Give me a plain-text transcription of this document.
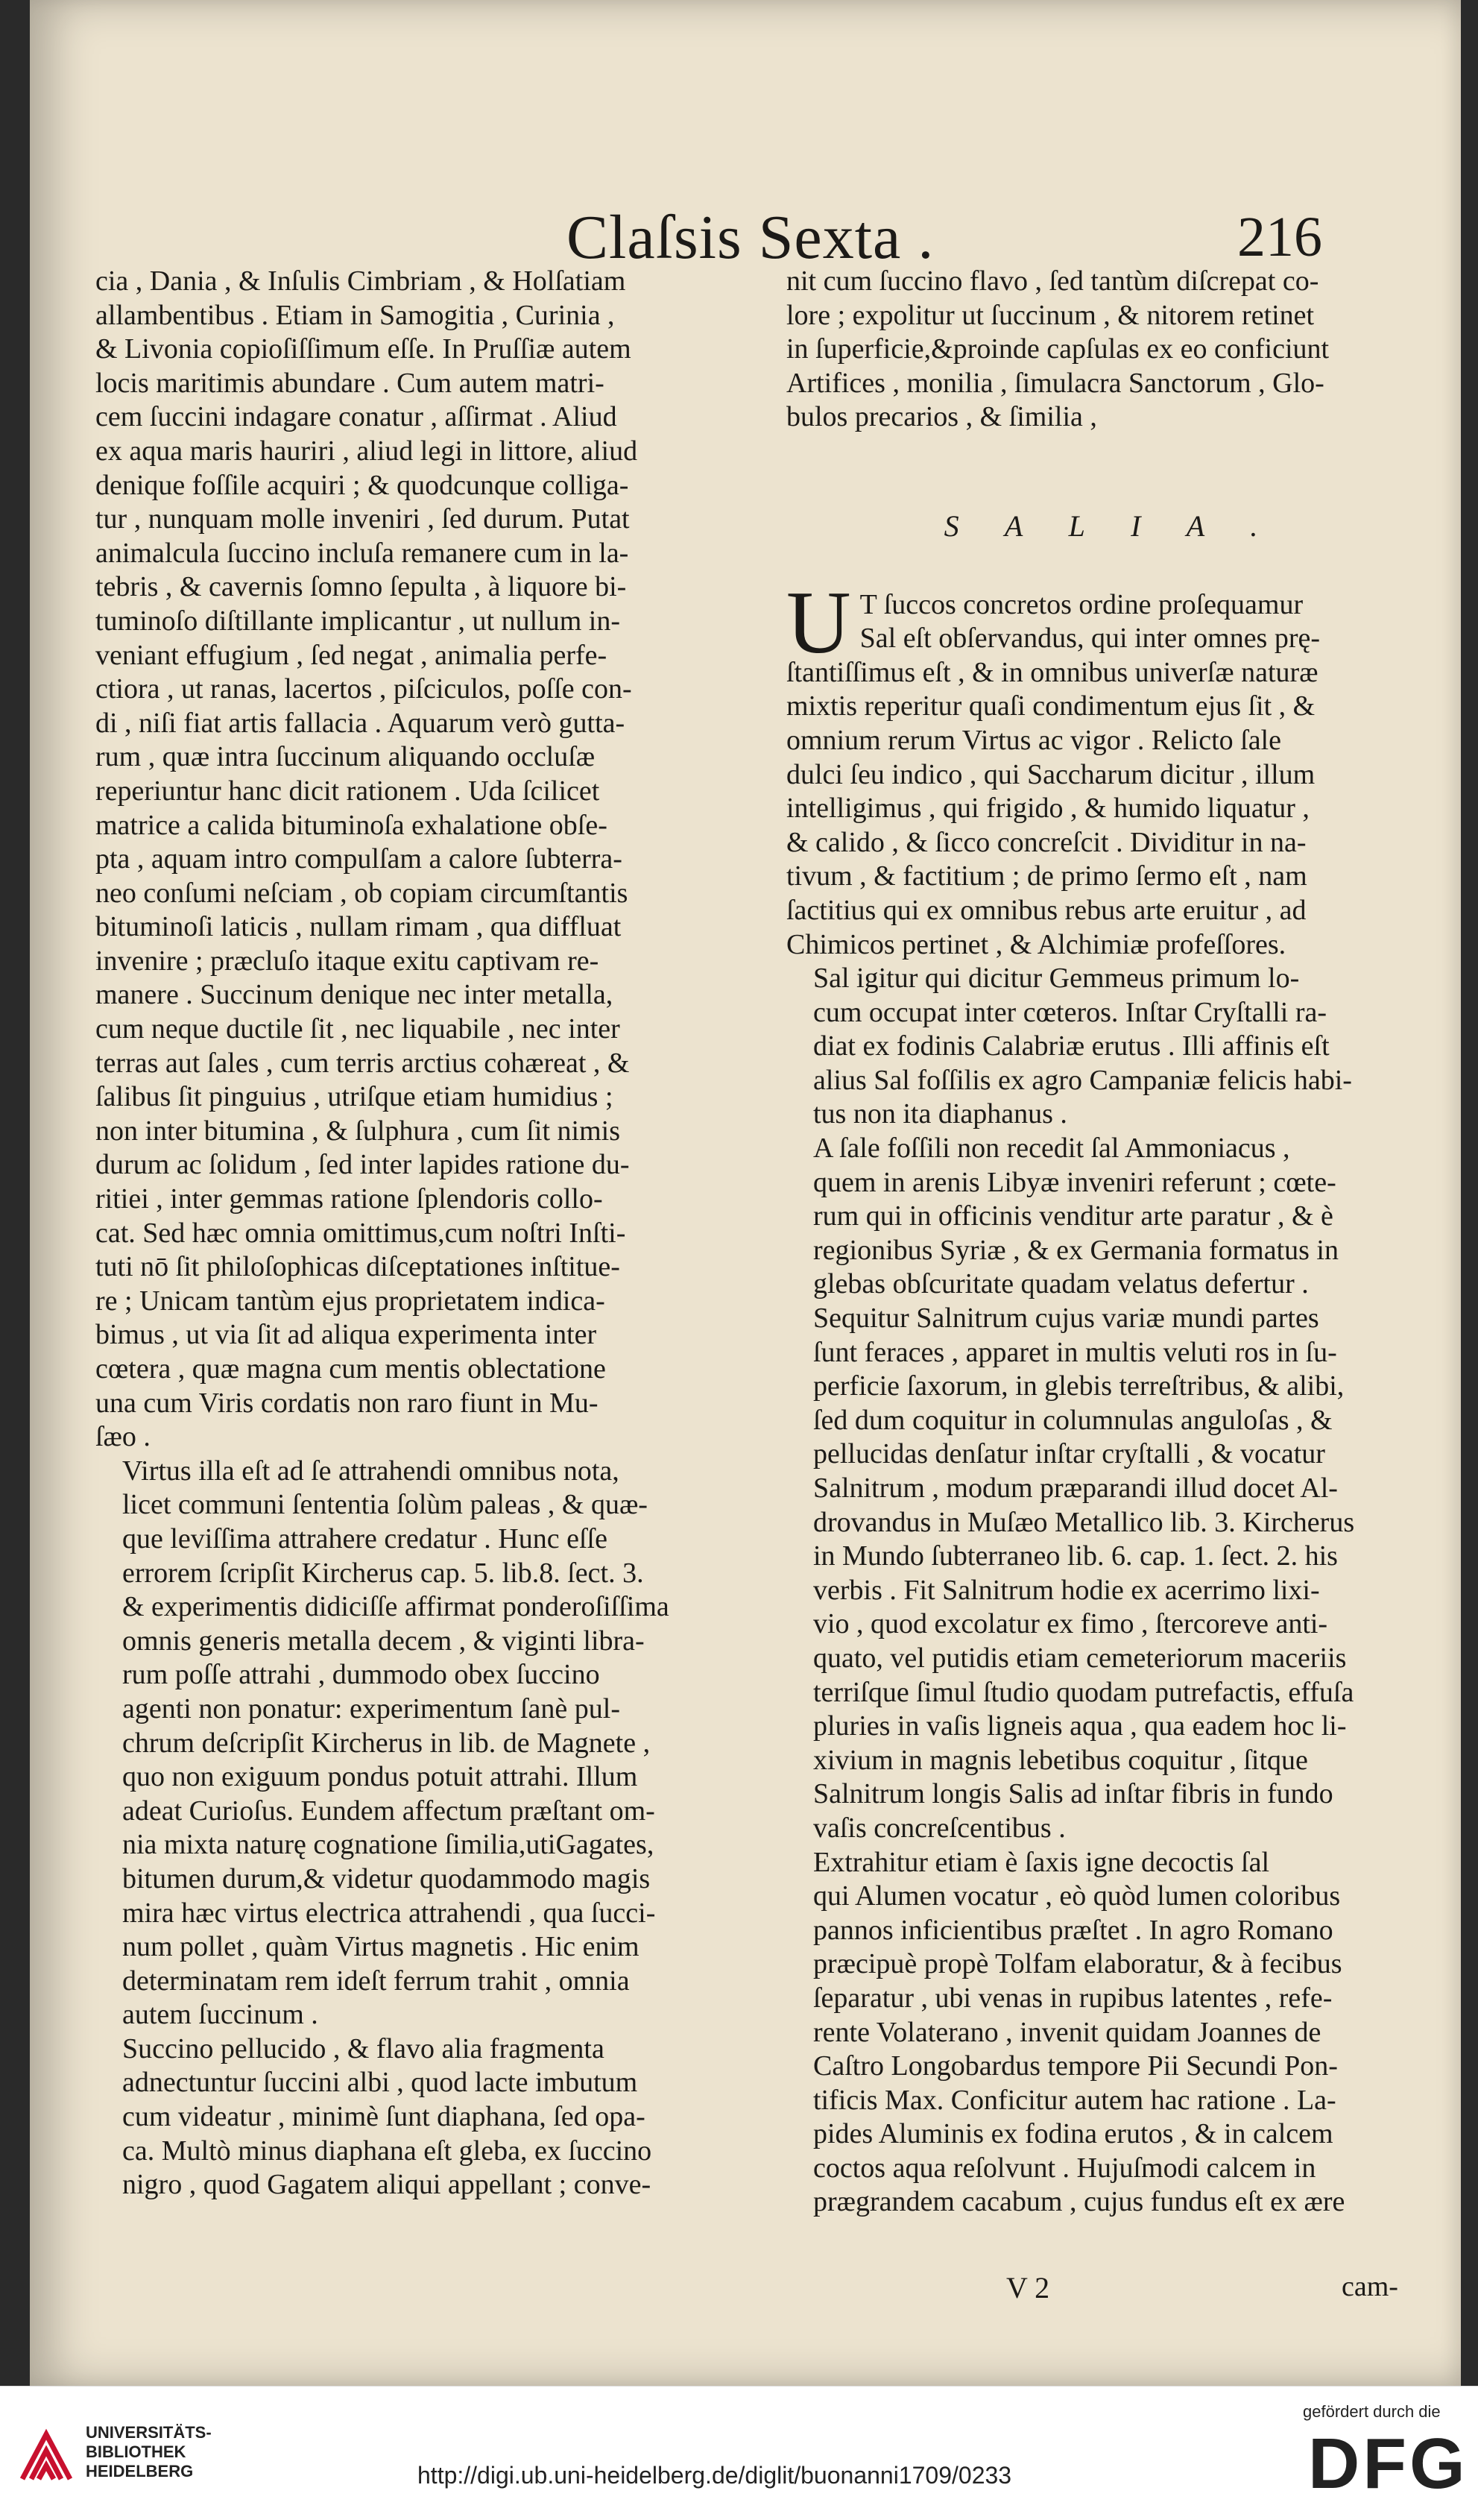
Claſsis Sexta .	216

cia , Dania , & Inſulis Cimbriam , & Holſatiam
allambentibus . Etiam in Samogitia , Curinia ,
& Livonia copioſiſſimum eſſe. In Pruſſiæ autem
locis maritimis abundare . Cum autem matri-
cem ſuccini indagare conatur , aſſirmat . Aliud
ex aqua maris hauriri , aliud legi in littore, aliud
denique foſſile acquiri ; & quodcunque colliga-
tur , nunquam molle inveniri , ſed durum. Putat
animalcula ſuccino incluſa remanere cum in la-
tebris , & cavernis ſomno ſepulta , à liquore bi-
tuminoſo diſtillante implicantur , ut nullum in-
veniant effugium , ſed negat , animalia perfe-
ctiora , ut ranas, lacertos , piſciculos, poſſe con-
di , niſi fiat artis fallacia . Aquarum verò gutta-
rum , quæ intra ſuccinum aliquando occluſæ
reperiuntur hanc dicit rationem . Uda ſcilicet
matrice a calida bituminoſa exhalatione obſe-
pta , aquam intro compulſam a calore ſubterra-
neo conſumi neſciam , ob copiam circumſtantis
bituminoſi laticis , nullam rimam , qua diffluat
invenire ; præcluſo itaque exitu captivam re-
manere . Succinum denique nec inter metalla,
cum neque ductile ſit , nec liquabile , nec inter
terras aut ſales , cum terris arctius cohæreat , &
ſalibus ſit pinguius , utriſque etiam humidius ;
non inter bitumina , & ſulphura , cum ſit nimis
durum ac ſolidum , ſed inter lapides ratione du-
ritiei , inter gemmas ratione ſplendoris collo-
cat. Sed hæc omnia omittimus,cum noſtri Inſti-
tuti nō ſit philoſophicas diſceptationes inſtitue-
re ; Unicam tantùm ejus proprietatem indica-
bimus , ut via ſit ad aliqua experimenta inter
cœtera , quæ magna cum mentis oblectatione
una cum Viris cordatis non raro fiunt in Mu-
ſæo .

Virtus illa eſt ad ſe attrahendi omnibus nota,
licet communi ſententia ſolùm paleas , & quæ-
que leviſſima attrahere credatur . Hunc eſſe
errorem ſcripſit Kircherus cap. 5. lib.8. ſect. 3.
& experimentis didiciſſe affirmat ponderoſiſſima
omnis generis metalla decem , & viginti libra-
rum poſſe attrahi , dummodo obex ſuccino
agenti non ponatur: experimentum ſanè pul-
chrum deſcripſit Kircherus in lib. de Magnete ,
quo non exiguum pondus potuit attrahi. Illum
adeat Curioſus. Eundem affectum præſtant om-
nia mixta naturę cognatione ſimilia,utiGagates,
bitumen durum,& videtur quodammodo magis
mira hæc virtus electrica attrahendi , qua ſucci-
num pollet , quàm Virtus magnetis . Hic enim
determinatam rem ideſt ferrum trahit , omnia
autem ſuccinum .

Succino pellucido , & flavo alia fragmenta
adnectuntur ſuccini albi , quod lacte imbutum
cum videatur , minimè ſunt diaphana, ſed opa-
ca. Multò minus diaphana eſt gleba, ex ſuccino
nigro , quod Gagatem aliqui appellant ; conve-

nit cum ſuccino flavo , ſed tantùm diſcrepat co-
lore ; expolitur ut ſuccinum , & nitorem retinet
in ſuperficie,&proinde capſulas ex eo conficiunt
Artifices , monilia , ſimulacra Sanctorum , Glo-
bulos precarios , & ſimilia ,
S A L I A .

U T ſuccos concretos ordine proſequamur
Sal eſt obſervandus, qui inter omnes prę-
ſtantiſſimus eſt , & in omnibus univerſæ naturæ
mixtis reperitur quaſi condimentum ejus ſit , &
omnium rerum Virtus ac vigor . Relicto ſale
dulci ſeu indico , qui Saccharum dicitur , illum
intelligimus , qui frigido , & humido liquatur ,
& calido , & ſicco concreſcit . Dividitur in na-
tivum , & factitium ; de primo ſermo eſt , nam
ſactitius qui ex omnibus rebus arte eruitur , ad
Chimicos pertinet , & Alchimiæ profeſſores.

Sal igitur qui dicitur Gemmeus primum lo-
cum occupat inter cœteros. Inſtar Cryſtalli ra-
diat ex fodinis Calabriæ erutus . Illi affinis eſt
alius Sal foſſilis ex agro Campaniæ felicis habi-
tus non ita diaphanus .

A ſale foſſili non recedit ſal Ammoniacus ,
quem in arenis Libyæ inveniri referunt ; cœte-
rum qui in officinis venditur arte paratur , & è
regionibus Syriæ , & ex Germania formatus in
glebas obſcuritate quadam velatus defertur .

Sequitur Salnitrum cujus variæ mundi partes
ſunt feraces , apparet in multis veluti ros in ſu-
perficie ſaxorum, in glebis terreſtribus, & alibi,
ſed dum coquitur in columnulas anguloſas , &
pellucidas denſatur inſtar cryſtalli , & vocatur
Salnitrum , modum præparandi illud docet Al-
drovandus in Muſæo Metallico lib. 3. Kircherus
in Mundo ſubterraneo lib. 6. cap. 1. ſect. 2. his
verbis . Fit Salnitrum hodie ex acerrimo lixi-
vio , quod excolatur ex fimo , ſtercoreve anti-
quato, vel putidis etiam cemeteriorum maceriis
terriſque ſimul ſtudio quodam putrefactis, effuſa
pluries in vaſis ligneis aqua , qua eadem hoc li-
xivium in magnis lebetibus coquitur , ſitque
Salnitrum longis Salis ad inſtar fibris in fundo
vaſis concreſcentibus .

Extrahitur etiam è ſaxis igne decoctis ſal
qui Alumen vocatur , eò quòd lumen coloribus
pannos inficientibus præſtet . In agro Romano
præcipuè propè Tolfam elaboratur, & à fecibus
ſeparatur , ubi venas in rupibus latentes , refe-
rente Volaterano , invenit quidam Joannes de
Caſtro Longobardus tempore Pii Secundi Pon-
tificis Max. Conficitur autem hac ratione . La-
pides Aluminis ex fodina erutos , & in calcem
coctos aqua reſolvunt . Hujuſmodi calcem in
prægrandem cacabum , cujus fundus eſt ex ære

V 2	cam-
UNIVERSITÄTS-
BIBLIOTHEK
HEIDELBERG	http://digi.ub.uni-heidelberg.de/diglit/buonanni1709/0233
gefördert durch die
DFG
